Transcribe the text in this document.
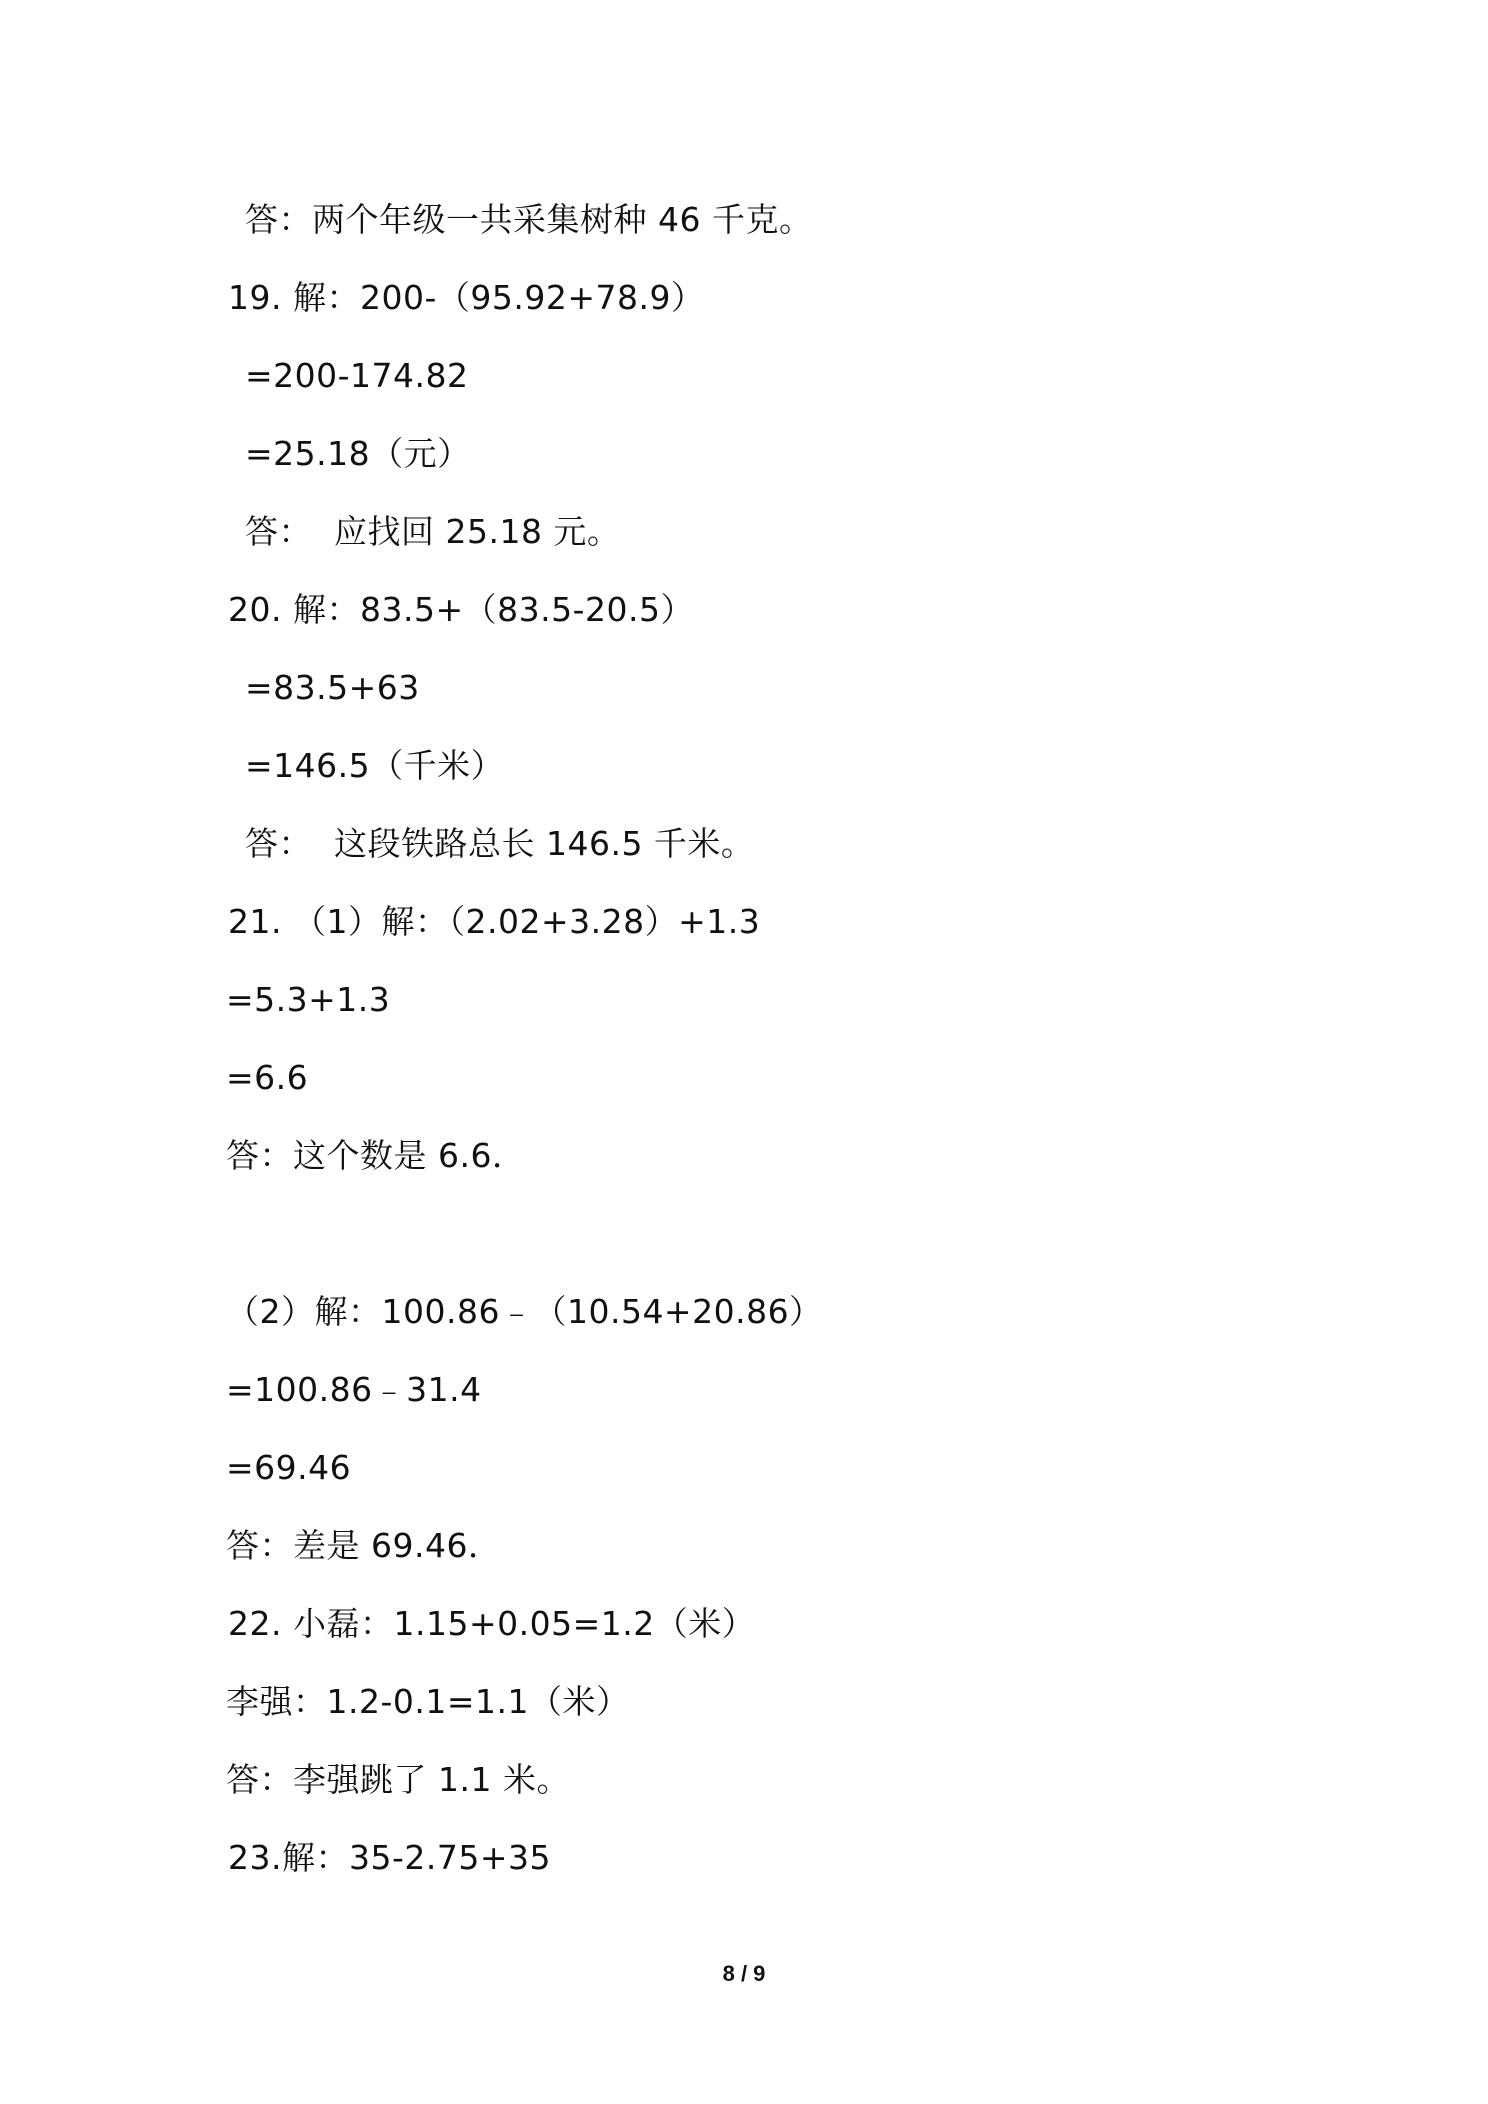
答：两个年级一共采集树种 46 千克。
19. 解：200-（95.92+78.9）
=200-174.82
=25.18（元）
答：  应找回 25.18 元。
20. 解：83.5+（83.5-20.5）
=83.5+63
=146.5（千米）
答：  这段铁路总长 146.5 千米。
21. （1）解：（2.02+3.28）+1.3
=5.3+1.3
=6.6
答：这个数是 6.6．
（2）解：100.86﹣（10.54+20.86）
=100.86﹣31.4
=69.46
答：差是 69.46．
22. 小磊：1.15+0.05=1.2（米）
李强：1.2-0.1=1.1（米）
答：李强跳了 1.1 米。
23.解：35-2.75+35
8 / 9
